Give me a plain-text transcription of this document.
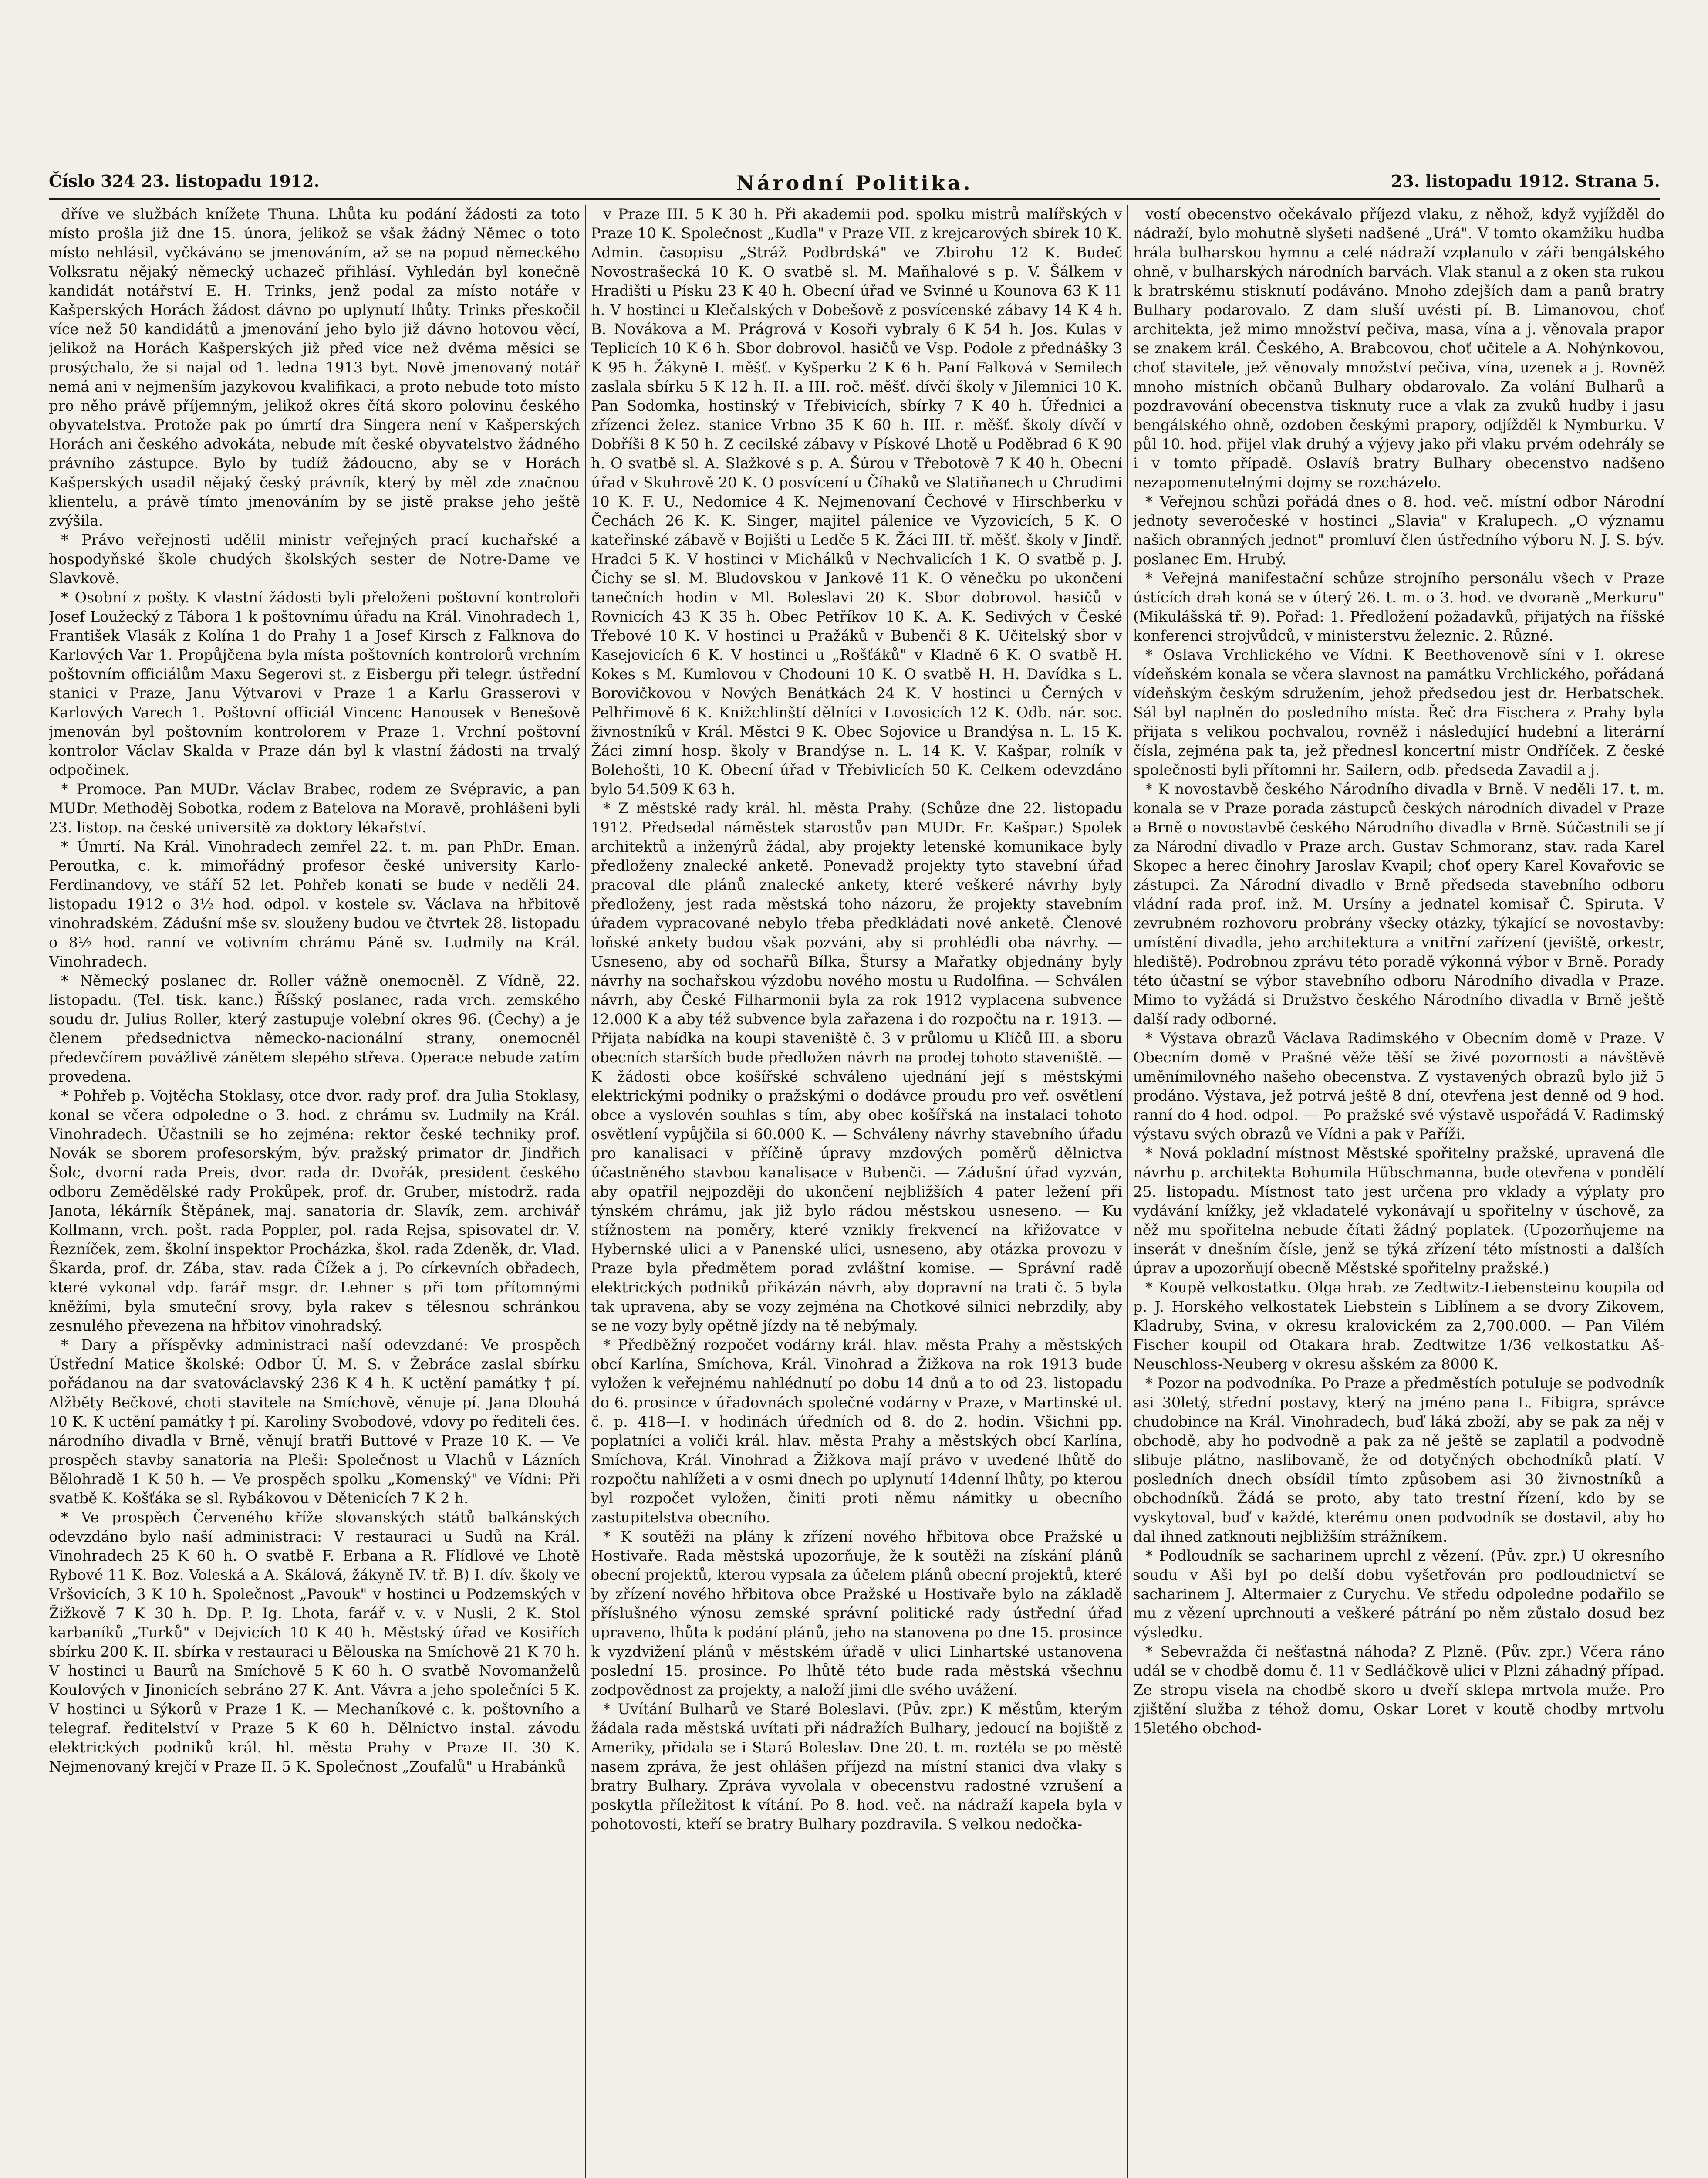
Číslo 324 23. listopadu 1912.	Národní Politika.	23. listopadu 1912. Strana 5.

dříve ve službách knížete Thuna. Lhůta ku podání žádosti za toto místo prošla již dne 15. února, jelikož se však žádný Němec o toto místo nehlásil, vyčkáváno se jmenováním, až se na popud německého Volksratu nějaký německý uchazeč přihlásí. Vyhledán byl konečně kandidát notářství E. H. Trinks, jenž podal za místo notáře v Kašperských Horách žádost dávno po uplynutí lhůty. Trinks přeskočil více než 50 kandidátů a jmenování jeho bylo již dávno hotovou věcí, jelikož na Horách Kašperských již před více než dvěma měsíci se prosýchalo, že si najal od 1. ledna 1913 byt. Nově jmenovaný notář nemá ani v nejmenším jazykovou kvalifikaci, a proto nebude toto místo pro něho právě příjemným, jelikož okres čítá skoro polovinu českého obyvatelstva. Protože pak po úmrtí dra Singera není v Kašperských Horách ani českého advokáta, nebude mít české obyvatelstvo žádného právního zástupce. Bylo by tudíž žádoucno, aby se v Horách Kašperských usadil nějaký český právník, který by měl zde značnou klientelu, a právě tímto jmenováním by se jistě prakse jeho ještě zvýšila.

* Právo veřejnosti udělil ministr veřejných prací kuchařské a hospodyňské škole chudých školských sester de Notre-Dame ve Slavkově.

* Osobní z pošty. K vlastní žádosti byli přeloženi poštovní kontroloři Josef Loužecký z Tábora 1 k poštovnímu úřadu na Král. Vinohradech 1, František Vlasák z Kolína 1 do Prahy 1 a Josef Kirsch z Falknova do Karlových Var 1. Propůjčena byla místa poštovních kontrolorů vrchním poštovním officiálům Maxu Segerovi st. z Eisbergu při telegr. ústřední stanici v Praze, Janu Výtvarovi v Praze 1 a Karlu Grasserovi v Karlových Varech 1. Poštovní officiál Vincenc Hanousek v Benešově jmenován byl poštovním kontrolorem v Praze 1. Vrchní poštovní kontrolor Václav Skalda v Praze dán byl k vlastní žádosti na trvalý odpočinek.

* Promoce. Pan MUDr. Václav Brabec, rodem ze Svépravic, a pan MUDr. Methoděj Sobotka, rodem z Batelova na Moravě, prohlášeni byli 23. listop. na české universitě za doktory lékařství.

* Úmrtí. Na Král. Vinohradech zemřel 22. t. m. pan PhDr. Eman. Peroutka, c. k. mimořádný profesor české university Karlo-Ferdinandovy, ve stáří 52 let. Pohřeb konati se bude v neděli 24. listopadu 1912 o 3½ hod. odpol. v kostele sv. Václava na hřbitově vinohradském. Zádušní mše sv. slouženy budou ve čtvrtek 28. listopadu o 8½ hod. ranní ve votivním chrámu Páně sv. Ludmily na Král. Vinohradech.

* Německý poslanec dr. Roller vážně onemocněl. Z Vídně, 22. listopadu. (Tel. tisk. kanc.) Říšský poslanec, rada vrch. zemského soudu dr. Julius Roller, který zastupuje volební okres 96. (Čechy) a je členem předsednictva německo-nacionální strany, onemocněl předevčírem povážlivě zánětem slepého střeva. Operace nebude zatím provedena.

* Pohřeb p. Vojtěcha Stoklasy, otce dvor. rady prof. dra Julia Stoklasy, konal se včera odpoledne o 3. hod. z chrámu sv. Ludmily na Král. Vinohradech. Účastnili se ho zejména: rektor české techniky prof. Novák se sborem profesorským, býv. pražský primator dr. Jindřich Šolc, dvorní rada Preis, dvor. rada dr. Dvořák, president českého odboru Zemědělské rady Prokůpek, prof. dr. Gruber, místodrž. rada Janota, lékárník Štěpánek, maj. sanatoria dr. Slavík, zem. archivář Kollmann, vrch. pošt. rada Poppler, pol. rada Rejsa, spisovatel dr. V. Řezníček, zem. školní inspektor Procházka, škol. rada Zdeněk, dr. Vlad. Škarda, prof. dr. Zába, stav. rada Čížek a j. Po církevních obřadech, které vykonal vdp. farář msgr. dr. Lehner s při tom přítomnými kněžími, byla smuteční srovy, byla rakev s tělesnou schránkou zesnulého převezena na hřbitov vinohradský.

* Dary a příspěvky administraci naší odevzdané: Ve prospěch Ústřední Matice školské: Odbor Ú. M. S. v Žebráce zaslal sbírku pořádanou na dar svatováclavský 236 K 4 h. K uctění památky † pí. Alžběty Bečkové, choti stavitele na Smíchově, věnuje pí. Jana Dlouhá 10 K. K uctění památky † pí. Karoliny Svobodové, vdovy po řediteli čes. národního divadla v Brně, věnují bratři Buttové v Praze 10 K. — Ve prospěch stavby sanatoria na Pleši: Společnost u Vlachů v Lázních Bělohradě 1 K 50 h. — Ve prospěch spolku „Komenský" ve Vídni: Při svatbě K. Košťáka se sl. Rybákovou v Dětenicích 7 K 2 h.

* Ve prospěch Červeného kříže slovanských států balkánských odevzdáno bylo naší administraci: V restauraci u Sudů na Král. Vinohradech 25 K 60 h. O svatbě F. Erbana a R. Flídlové ve Lhotě Rybové 11 K. Boz. Voleská a A. Skálová, žákyně IV. tř. B) I. dív. školy ve Vršovicích, 3 K 10 h. Společnost „Pavouk" v hostinci u Podzemských v Žižkově 7 K 30 h. Dp. P. Ig. Lhota, farář v. v. v Nusli, 2 K. Stol karbaníků „Turků" v Dejvicích 10 K 40 h. Městský úřad ve Kosiřích sbírku 200 K. II. sbírka v restauraci u Bělouska na Smíchově 21 K 70 h. V hostinci u Baurů na Smíchově 5 K 60 h. O svatbě Novomanželů Koulových v Jinonicích sebráno 27 K. Ant. Vávra a jeho společníci 5 K. V hostinci u Sýkorů v Praze 1 K. — Mechaníkové c. k. poštovního a telegraf. ředitelství v Praze 5 K 60 h. Dělnictvo instal. závodu elektrických podniků král. hl. města Prahy v Praze II. 30 K. Nejmenovaný krejčí v Praze II. 5 K. Společnost „Zoufalů" u Hrabánků

v Praze III. 5 K 30 h. Při akademii pod. spolku mistrů malířských v Praze 10 K. Společnost „Kudla" v Praze VII. z krejcarových sbírek 10 K. Admin. časopisu „Stráž Podbrdská" ve Zbirohu 12 K. Budeč Novostrašecká 10 K. O svatbě sl. M. Maňhalové s p. V. Šálkem v Hradišti u Písku 23 K 40 h. Obecní úřad ve Svinné u Kounova 63 K 11 h. V hostinci u Klečalských v Dobešově z posvícenské zábavy 14 K 4 h. B. Novákova a M. Prágrová v Kosoři vybraly 6 K 54 h. Jos. Kulas v Teplicích 10 K 6 h. Sbor dobrovol. hasičů ve Vsp. Podole z přednášky 3 K 95 h. Žákyně I. měšť. v Kyšperku 2 K 6 h. Paní Falková v Semilech zaslala sbírku 5 K 12 h. II. a III. roč. měšť. dívčí školy v Jilemnici 10 K. Pan Sodomka, hostinský v Třebivicích, sbírky 7 K 40 h. Úřednici a zřízenci želez. stanice Vrbno 35 K 60 h. III. r. měšť. školy dívčí v Dobříši 8 K 50 h. Z cecilské zábavy v Pískové Lhotě u Poděbrad 6 K 90 h. O svatbě sl. A. Slažkové s p. A. Šúrou v Třebotově 7 K 40 h. Obecní úřad v Skuhrově 20 K. O posvícení u Číhaků ve Slatiňanech u Chrudimi 10 K. F. U., Nedomice 4 K. Nejmenovaní Čechové v Hirschberku v Čechách 26 K. K. Singer, majitel pálenice ve Vyzovicích, 5 K. O kateřinské zábavě v Bojišti u Ledče 5 K. Žáci III. tř. měšť. školy v Jindř. Hradci 5 K. V hostinci v Michálků v Nechvalicích 1 K. O svatbě p. J. Čichy se sl. M. Bludovskou v Jankově 11 K. O věnečku po ukončení tanečních hodin v Ml. Boleslavi 20 K. Sbor dobrovol. hasičů v Rovnicích 43 K 35 h. Obec Petříkov 10 K. A. K. Sedivých v České Třebové 10 K. V hostinci u Pražáků v Bubenči 8 K. Učitelský sbor v Kasejovicích 6 K. V hostinci u „Rošťáků" v Kladně 6 K. O svatbě H. Kokes s M. Kumlovou v Chodouni 10 K. O svatbě H. H. Davídka s L. Borovičkovou v Nových Benátkách 24 K. V hostinci u Černých v Pelhřimově 6 K. Knižchlinští dělníci v Lovosicích 12 K. Odb. nár. soc. živnostníků v Král. Městci 9 K. Obec Sojovice u Brandýsa n. L. 15 K. Žáci zimní hosp. školy v Brandýse n. L. 14 K. V. Kašpar, rolník v Bolehošti, 10 K. Obecní úřad v Třebivlicích 50 K. Celkem odevzdáno bylo 54.509 K 63 h.

* Z městské rady král. hl. města Prahy. (Schůze dne 22. listopadu 1912. Předsedal náměstek starostův pan MUDr. Fr. Kašpar.) Spolek architektů a inženýrů žádal, aby projekty letenské komunikace byly předloženy znalecké anketě. Ponevadž projekty tyto stavební úřad pracoval dle plánů znalecké ankety, které veškeré návrhy byly předloženy, jest rada městská toho názoru, že projekty stavebním úřadem vypracované nebylo třeba předkládati nové anketě. Členové loňské ankety budou však pozváni, aby si prohlédli oba návrhy. — Usneseno, aby od sochařů Bílka, Štursy a Mařatky objednány byly návrhy na sochařskou výzdobu nového mostu u Rudolfina. — Schválen návrh, aby České Filharmonii byla za rok 1912 vyplacena subvence 12.000 K a aby též subvence byla zařazena i do rozpočtu na r. 1913. — Přijata nabídka na koupi staveniště č. 3 v průlomu u Klíčů III. a sboru obecních starších bude předložen návrh na prodej tohoto staveniště. — K žádosti obce košířské schváleno ujednání její s městskými elektrickými podniky o pražskými o dodávce proudu pro veř. osvětlení obce a vyslovén souhlas s tím, aby obec košířská na instalaci tohoto osvětlení vypůjčila si 60.000 K. — Schváleny návrhy stavebního úřadu pro kanalisaci v příčině úpravy mzdových poměrů dělnictva účastněného stavbou kanalisace v Bubenči. — Zádušní úřad vyzván, aby opatřil nejpozději do ukončení nejbližších 4 pater ležení při týnském chrámu, jak již bylo rádou městskou usneseno. — Ku stížnostem na poměry, které vznikly frekvencí na křižovatce v Hybernské ulici a v Panenské ulici, usneseno, aby otázka provozu v Praze byla předmětem porad zvláštní komise. — Správní radě elektrických podniků přikázán návrh, aby dopravní na trati č. 5 byla tak upravena, aby se vozy zejména na Chotkové silnici nebrzdily, aby se ne vozy byly opětně jízdy na tě nebýmaly.

* Předběžný rozpočet vodárny král. hlav. města Prahy a městských obcí Karlína, Smíchova, Král. Vinohrad a Žižkova na rok 1913 bude vyložen k veřejnému nahlédnutí po dobu 14 dnů a to od 23. listopadu do 6. prosince v úřadovnách společné vodárny v Praze, v Martinské ul. č. p. 418—I. v hodinách úředních od 8. do 2. hodin. Všichni pp. poplatníci a voliči král. hlav. města Prahy a městských obcí Karlína, Smíchova, Král. Vinohrad a Žižkova mají právo v uvedené lhůtě do rozpočtu nahlížeti a v osmi dnech po uplynutí 14denní lhůty, po kterou byl rozpočet vyložen, činiti proti němu námitky u obecního zastupitelstva obecního.

* K soutěži na plány k zřízení nového hřbitova obce Pražské u Hostivaře. Rada městská upozorňuje, že k soutěži na získání plánů obecní projektů, kterou vypsala za účelem plánů obecní projektů, které by zřízení nového hřbitova obce Pražské u Hostivaře bylo na základě příslušného výnosu zemské správní politické rady ústřední úřad upraveno, lhůta k podání plánů, jeho na stanovena po dne 15. prosince k vyzdvižení plánů v městském úřadě v ulici Linhartské ustanovena poslední 15. prosince. Po lhůtě této bude rada městská všechnu zodpovědnost za projekty, a naloží jimi dle svého uvážení.

* Uvítání Bulharů ve Staré Boleslavi. (Pův. zpr.) K městům, kterým žádala rada městská uvítati při nádražích Bulhary, jedoucí na bojiště z Ameriky, přidala se i Stará Boleslav. Dne 20. t. m. roztéla se po městě nasem zpráva, že jest ohlášen příjezd na místní stanici dva vlaky s bratry Bulhary. Zpráva vyvolala v obecenstvu radostné vzrušení a poskytla příležitost k vítání. Po 8. hod. več. na nádraží kapela byla v pohotovosti, kteří se bratry Bulhary pozdravila. S velkou nedočka-

vostí obecenstvo očekávalo příjezd vlaku, z něhož, když vyjížděl do nádraží, bylo mohutně slyšeti nadšené „Urá". V tomto okamžiku hudba hrála bulharskou hymnu a celé nádraží vzplanulo v záři bengálského ohně, v bulharských národních barvách. Vlak stanul a z oken sta rukou k bratrskému stisknutí podáváno. Mnoho zdejších dam a panů bratry Bulhary podarovalo. Z dam sluší uvésti pí. B. Limanovou, choť architekta, jež mimo množství pečiva, masa, vína a j. věnovala prapor se znakem král. Českého, A. Brabcovou, choť učitele a A. Nohýnkovou, choť stavitele, jež věnovaly množství pečiva, vína, uzenek a j. Rovněž mnoho místních občanů Bulhary obdarovalo. Za volání Bulharů a pozdravování obecenstva tisknuty ruce a vlak za zvuků hudby i jasu bengálského ohně, ozdoben českými prapory, odjížděl k Nymburku. V půl 10. hod. přijel vlak druhý a výjevy jako při vlaku prvém odehrály se i v tomto případě. Oslavíš bratry Bulhary obecenstvo nadšeno nezapomenutelnými dojmy se rozcházelo.

* Veřejnou schůzi pořádá dnes o 8. hod. več. místní odbor Národní jednoty severočeské v hostinci „Slavia" v Kralupech. „O významu našich obranných jednot" promluví člen ústředního výboru N. J. S. býv. poslanec Em. Hrubý.

* Veřejná manifestační schůze strojního personálu všech v Praze ústících drah koná se v úterý 26. t. m. o 3. hod. ve dvoraně „Merkuru" (Mikulášská tř. 9). Pořad: 1. Předložení požadavků, přijatých na říšské konferenci strojvůdců, v ministerstvu železnic. 2. Různé.

* Oslava Vrchlického ve Vídni. K Beethovenově síni v I. okrese vídeňském konala se včera slavnost na památku Vrchlického, pořádaná vídeňským českým sdružením, jehož předsedou jest dr. Herbatschek. Sál byl naplněn do posledního místa. Řeč dra Fischera z Prahy byla přijata s velikou pochvalou, rovněž i následující hudební a literární čísla, zejména pak ta, jež přednesl koncertní mistr Ondříček. Z české společnosti byli přítomni hr. Sailern, odb. předseda Zavadil a j.

* K novostavbě českého Národního divadla v Brně. V neděli 17. t. m. konala se v Praze porada zástupců českých národních divadel v Praze a Brně o novostavbě českého Národního divadla v Brně. Súčastnili se jí za Národní divadlo v Praze arch. Gustav Schmoranz, stav. rada Karel Skopec a herec činohry Jaroslav Kvapil; choť opery Karel Kovařovic se zástupci. Za Národní divadlo v Brně předseda stavebního odboru vládní rada prof. inž. M. Ursíny a jednatel komisař Č. Spiruta. V zevrubném rozhovoru probrány všecky otázky, týkající se novostavby: umístění divadla, jeho architektura a vnitřní zařízení (jeviště, orkestr, hlediště). Podrobnou zprávu této poradě výkonná výbor v Brně. Porady této účastní se výbor stavebního odboru Národního divadla v Praze. Mimo to vyžádá si Družstvo českého Národního divadla v Brně ještě další rady odborné.

* Výstava obrazů Václava Radimského v Obecním domě v Praze. V Obecním domě v Prašné věže těší se živé pozornosti a návštěvě uměnímilovného našeho obecenstva. Z vystavených obrazů bylo již 5 prodáno. Výstava, jež potrvá ještě 8 dní, otevřena jest denně od 9 hod. ranní do 4 hod. odpol. — Po pražské své výstavě uspořádá V. Radimský výstavu svých obrazů ve Vídni a pak v Paříži.

* Nová pokladní místnost Městské spořitelny pražské, upravená dle návrhu p. architekta Bohumila Hübschmanna, bude otevřena v pondělí 25. listopadu. Místnost tato jest určena pro vklady a výplaty pro vydávání knížky, jež vkladatelé vykonávají u spořitelny v úschově, za něž mu spořitelna nebude čítati žádný poplatek. (Upozorňujeme na inserát v dnešním čísle, jenž se týká zřízení této místnosti a dalších úprav a upozorňují obecně Městské spořitelny pražské.)

* Koupě velkostatku. Olga hrab. ze Zedtwitz-Liebensteinu koupila od p. J. Horského velkostatek Liebstein s Liblínem a se dvory Zikovem, Kladruby, Svina, v okresu kralovickém za 2,700.000. — Pan Vilém Fischer koupil od Otakara hrab. Zedtwitze 1/36 velkostatku Aš-Neuschloss-Neuberg v okresu ašském za 8000 K.

* Pozor na podvodníka. Po Praze a předměstích potuluje se podvodník asi 30letý, střední postavy, který na jméno pana L. Fibigra, správce chudobince na Král. Vinohradech, buď láká zboží, aby se pak za něj v obchodě, aby ho podvodně a pak za ně ještě se zaplatil a podvodně slibuje plátno, naslibovaně, že od dotyčných obchodníků platí. V posledních dnech obsídil tímto způsobem asi 30 živnostníků a obchodníků. Žádá se proto, aby tato trestní řízení, kdo by se vyskytoval, buď v každé, kterému onen podvodník se dostavil, aby ho dal ihned zatknouti nejbližším strážníkem.

* Podloudník se sacharinem uprchl z vězení. (Pův. zpr.) U okresního soudu v Aši byl po delší dobu vyšetřován pro podloudnictví se sacharinem J. Altermaier z Curychu. Ve středu odpoledne podařilo se mu z vězení uprchnouti a veškeré pátrání po něm zůstalo dosud bez výsledku.

* Sebevražda či nešťastná náhoda? Z Plzně. (Pův. zpr.) Včera ráno udál se v chodbě domu č. 11 v Sedláčkově ulici v Plzni záhadný případ. Ze stropu visela na chodbě skoro u dveří sklepa mrtvola muže. Pro zjištění služba z téhož domu, Oskar Loret v koutě chodby mrtvolu 15letého obchod-
